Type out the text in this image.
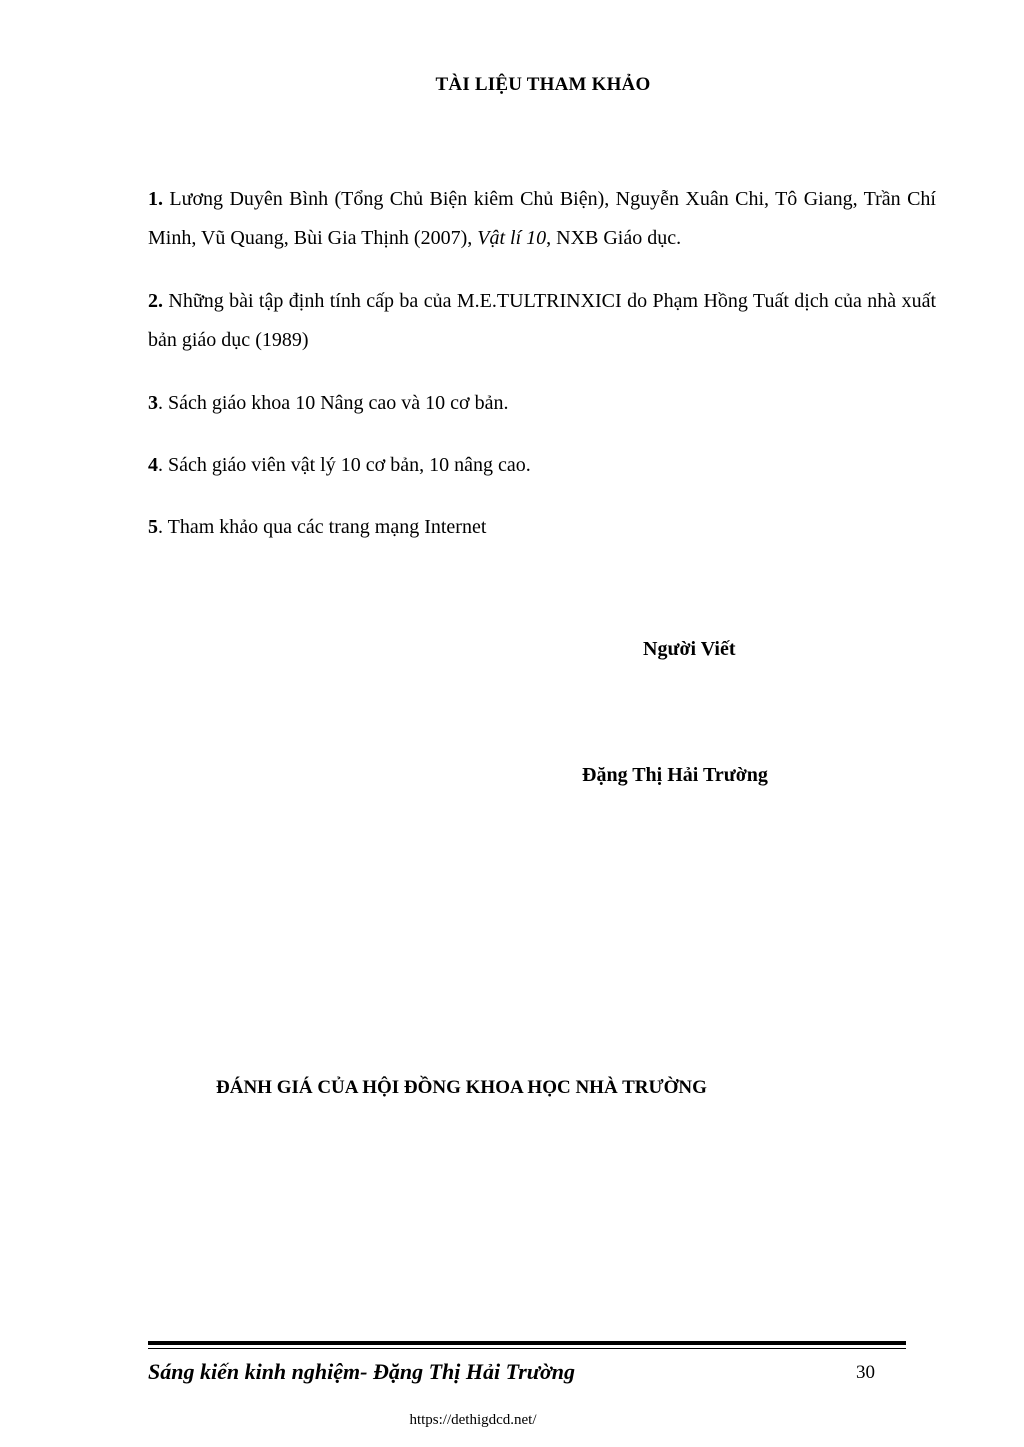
TÀI LIỆU THAM KHẢO
1. Lương Duyên Bình (Tổng Chủ Biện kiêm Chủ Biện), Nguyễn Xuân Chi, Tô Giang, Trần Chí Minh, Vũ Quang, Bùi Gia Thịnh (2007), Vật lí 10, NXB Giáo dục.
2. Những bài tập định tính cấp ba của M.E.TULTRINXICI do Phạm Hồng Tuất dịch của nhà xuất bản giáo dục (1989)
3. Sách giáo khoa 10 Nâng cao và 10 cơ bản.
4. Sách giáo viên vật lý 10 cơ bản, 10 nâng cao.
5. Tham khảo qua các trang mạng Internet
Người Viết
Đặng Thị Hải Trường
ĐÁNH GIÁ CỦA HỘI ĐỒNG KHOA HỌC NHÀ TRƯỜNG
Sáng kiến kinh nghiệm- Đặng Thị Hải Trường	30
https://dethigdcd.net/
